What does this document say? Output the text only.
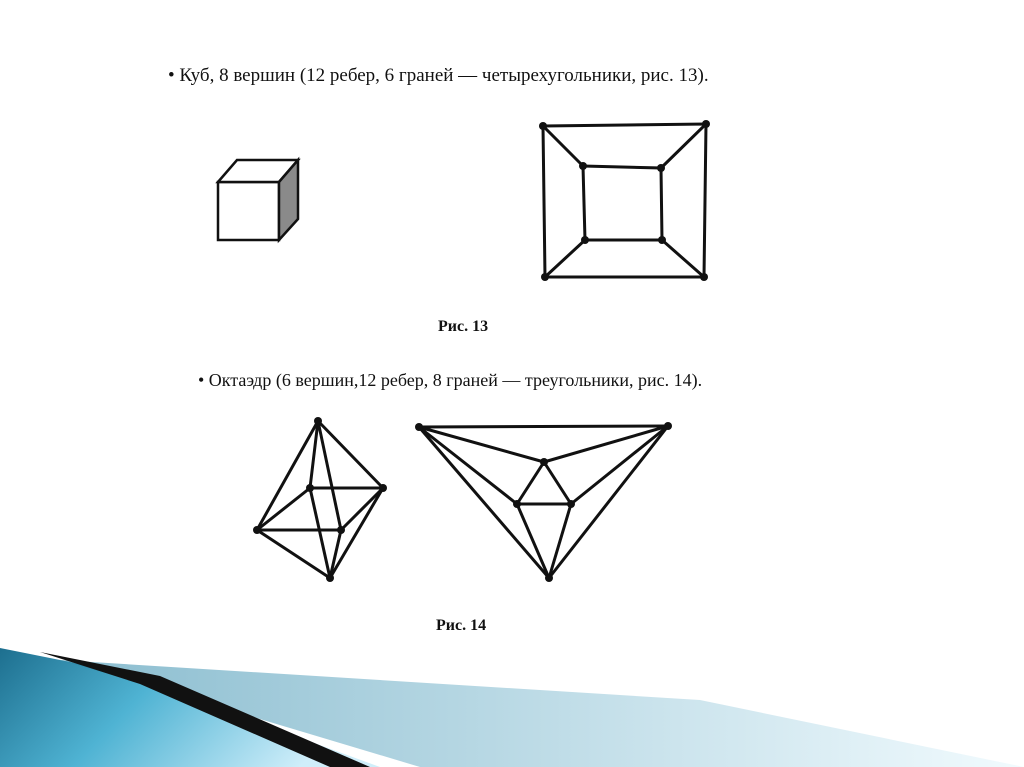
• Куб, 8 вершин (12 ребер, 6 граней — четырехугольники, рис. 13).
• Октаэдр (6 вершин,12 ребер, 8 граней — треугольники, рис. 14).
Рис. 13
Рис. 14
